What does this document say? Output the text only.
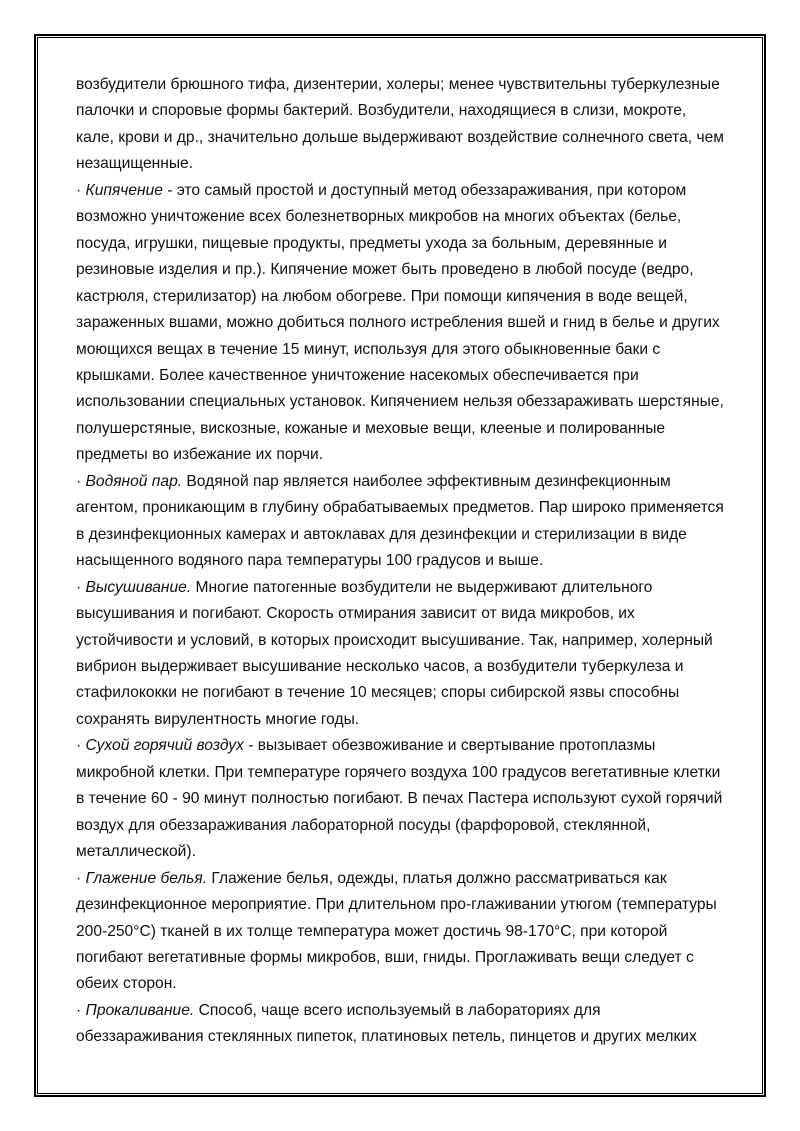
возбудители брюшного тифа, дизентерии, холеры; менее чувствительны туберкулезные
палочки и споровые формы бактерий. Возбудители, находящиеся в слизи, мокроте,
кале, крови и др., значительно дольше выдерживают воздействие солнечного света, чем
незащищенные.
· Кипячение - это самый простой и доступный метод обеззараживания, при котором
возможно уничтожение всех болезнетворных микробов на многих объектах (белье,
посуда, игрушки, пищевые продукты, предметы ухода за больным, деревянные и
резиновые изделия и пр.). Кипячение может быть проведено в любой посуде (ведро,
кастрюля, стерилизатор) на любом обогреве. При помощи кипячения в воде вещей,
зараженных вшами, можно добиться полного истребления вшей и гнид в белье и других
моющихся вещах в течение 15 минут, используя для этого обыкновенные баки с
крышками. Более качественное уничтожение насекомых обеспечивается при
использовании специальных установок. Кипячением нельзя обеззараживать шерстяные,
полушерстяные, вискозные, кожаные и меховые вещи, клееные и полированные
предметы во избежание их порчи.
· Водяной пар. Водяной пар является наиболее эффективным дезинфекционным
агентом, проникающим в глубину обрабатываемых предметов. Пар широко применяется
в дезинфекционных камерах и автоклавах для дезинфекции и стерилизации в виде
насыщенного водяного пара температуры 100 градусов и выше.
· Высушивание. Многие патогенные возбудители не выдерживают длительного
высушивания и погибают. Скорость отмирания зависит от вида микробов, их
устойчивости и условий, в которых происходит высушивание. Так, например, холерный
вибрион выдерживает высушивание несколько часов, а возбудители туберкулеза и
стафилококки не погибают в течение 10 месяцев; споры сибирской язвы способны
сохранять вирулентность многие годы.
· Сухой горячий воздух - вызывает обезвоживание и свертывание протоплазмы
микробной клетки. При температуре горячего воздуха 100 градусов вегетативные клетки
в течение 60 - 90 минут полностью погибают. В печах Пастера используют сухой горячий
воздух для обеззараживания лабораторной посуды (фарфоровой, стеклянной,
металлической).
· Глажение белья. Глажение белья, одежды, платья должно рассматриваться как
дезинфекционное мероприятие. При длительном про-глаживании утюгом (температуры
200-250°С) тканей в их толще температура может достичь 98-170°С, при которой
погибают вегетативные формы микробов, вши, гниды. Проглаживать вещи следует с
обеих сторон.
· Прокаливание. Способ, чаще всего используемый в лабораториях для
обеззараживания стеклянных пипеток, платиновых петель, пинцетов и других мелких
